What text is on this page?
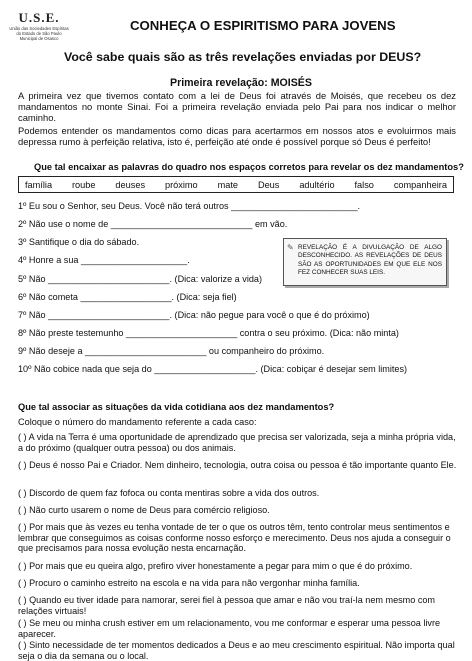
U.S.E.
União das Sociedades Espíritas
do Estado de São Paulo
Municipal de Osasco
CONHEÇA O ESPIRITISMO PARA JOVENS
Você sabe quais são as três revelações enviadas por DEUS?
Primeira revelação: MOISÉS
A primeira vez que tivemos contato com a lei de Deus foi através de Moisés, que recebeu os dez mandamentos no monte Sinai. Foi a primeira revelação enviada pelo Pai para nos indicar o melhor caminho.
Podemos entender os mandamentos como dicas para acertarmos em nossos atos e evoluirmos mais depressa rumo à perfeição relativa, isto é, perfeição até onde é possível porque só Deus é perfeito!
Que tal encaixar as palavras do quadro nos espaços corretos para revelar os dez mandamentos?
família roube deuses próximo mate Deus adultério falso companheira
1º Eu sou o Senhor, seu Deus. Você não terá outros _________________________.
2º Não use o nome de ____________________________ em vão.
3º Santifique o dia do sábado.
4º Honre a sua _____________________.
5º Não ________________________. (Dica: valorize a vida)
6º Não cometa __________________. (Dica: seja fiel)
7º Não ________________________. (Dica: não pegue para você o que é do próximo)
8º Não preste testemunho ______________________ contra o seu próximo. (Dica: não minta)
9º Não deseje a ________________________ ou companheiro do próximo.
10º Não cobice nada que seja do ____________________. (Dica: cobiçar é desejar sem limites)
✎ REVELAÇÃO É A DIVULGAÇÃO DE ALGO DESCONHECIDO. AS REVELAÇÕES DE DEUS SÃO AS OPORTUNIDADES EM QUE ELE NOS FEZ CONHECER SUAS LEIS.
Que tal associar as situações da vida cotidiana aos dez mandamentos?
Coloque o número do mandamento referente a cada caso:
( ) A vida na Terra é uma oportunidade de aprendizado que precisa ser valorizada, seja a minha própria vida, a do próximo (qualquer outra pessoa) ou dos animais.
( ) Deus é nosso Pai e Criador. Nem dinheiro, tecnologia, outra coisa ou pessoa é tão importante quanto Ele.
( ) Discordo de quem faz fofoca ou conta mentiras sobre a vida dos outros.
( ) Não curto usarem o nome de Deus para comércio religioso.
( ) Por mais que às vezes eu tenha vontade de ter o que os outros têm, tento controlar meus sentimentos e lembrar que conseguimos as coisas conforme nosso esforço e merecimento. Deus nos ajuda a conseguir o que precisamos para nossa evolução nesta encarnação.
( ) Por mais que eu queira algo, prefiro viver honestamente a pegar para mim o que é do próximo.
( ) Procuro o caminho estreito na escola e na vida para não vergonhar minha família.
( ) Quando eu tiver idade para namorar, serei fiel à pessoa que amar e não vou traí-la nem mesmo com relações virtuais!
( ) Se meu ou minha crush estiver em um relacionamento, vou me conformar e esperar uma pessoa livre aparecer.
( ) Sinto necessidade de ter momentos dedicados a Deus e ao meu crescimento espiritual. Não importa qual seja o dia da semana ou o local.
